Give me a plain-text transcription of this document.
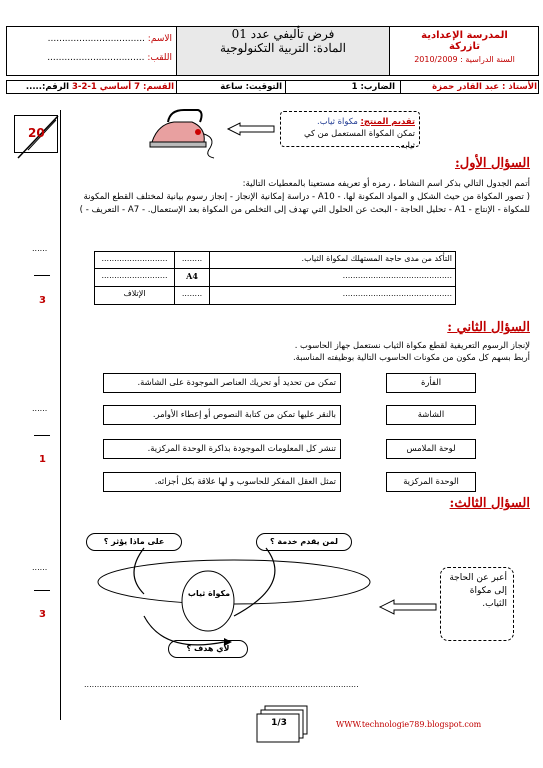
المدرسة الإعدادية
تازركة
السنة الدراسية : 2010/2009
فرض تأليفي عدد 01
المادة: التربية التكنولوجية
الاسم: ..................................
اللقب: ..................................
الأستاذ : عبد القادر حمزة
الضارب: 1
التوقيت: ساعة
القسم: 7 أساسي 1-2-3 الرقم:.....
20
......
3
......
1
......
3
تقديم المنتج: مكواة ثياب.
تمكن المكواة المستعمل من كي ثيابه.
السؤال الأول:
أتمم الجدول التالي بذكر اسم النشاط ، رمزه أو تعريفه مستعينا بالمعطيات التالية:
( تصور المكواة من حيث الشكل و المواد المكونة لها. - A10 - دراسة إمكانية الإنجاز - إنجاز رسوم بيانية لمختلف القطع المكونة للمكواة - الإنتاج - A1 - تحليل الحاجة - البحث عن الحلول التي تهدف إلى التخلص من المكواة بعد الإستعمال. - A7 - التعريف - )
التأكد من مدى حاجة المستهلك لمكواة الثياب.
........
..........................
...........................................
A4
..........................
...........................................
........
الإتلاف
السؤال الثاني :
لإنجاز الرسوم التعريفية لقطع مكواة الثياب نستعمل جهاز الحاسوب .
أربط بسهم كل مكون من مكونات الحاسوب التالية بوظيفته المناسبة.
الفأرة
الشاشة
لوحة الملامس
الوحدة المركزية
تمكن من تحديد أو تحريك العناصر الموجودة على الشاشة.
بالنقر عليها تمكن من كتابة النصوص أو إعطاء الأوامر.
تنشر كل المعلومات الموجودة بذاكرة الوحدة المركزية.
تمثل العقل المفكر للحاسوب و لها علاقة بكل أجزائه.
السؤال الثالث:
على ماذا يؤثر ؟	لمن يقدم خدمة ؟
مكواة ثياب
لأي هدف ؟
أعبر عن الحاجة إلى مكواة الثياب.
............................................................................................................
1/3	WWW.technologie789.blogspot.com
